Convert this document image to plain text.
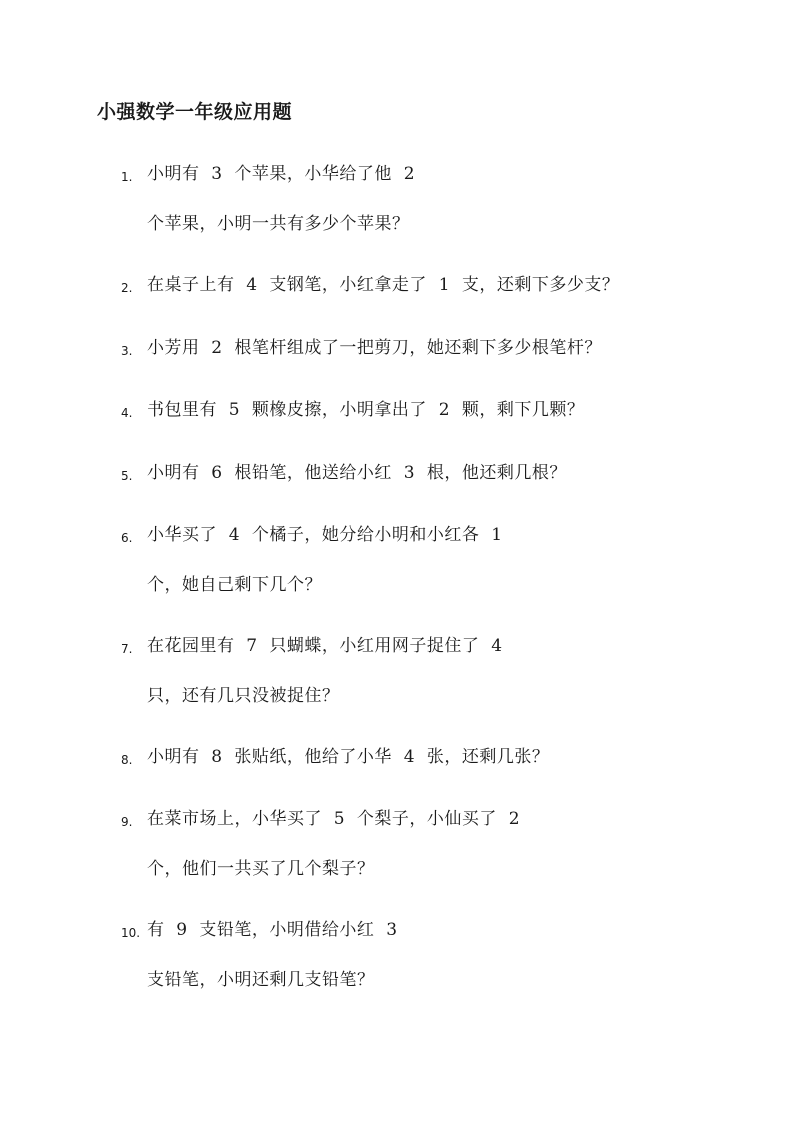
小强数学一年级应用题
1. 小明有  3  个苹果，小华给了他  2
个苹果，小明一共有多少个苹果？
2. 在桌子上有  4  支钢笔，小红拿走了  1  支，还剩下多少支？
3. 小芳用  2  根笔杆组成了一把剪刀，她还剩下多少根笔杆？
4. 书包里有  5  颗橡皮擦，小明拿出了  2  颗，剩下几颗？
5. 小明有  6  根铅笔，他送给小红  3  根，他还剩几根？
6. 小华买了  4  个橘子，她分给小明和小红各  1
个，她自己剩下几个？
7. 在花园里有  7  只蝴蝶，小红用网子捉住了  4
只，还有几只没被捉住？
8. 小明有  8  张贴纸，他给了小华  4  张，还剩几张？
9. 在菜市场上，小华买了  5  个梨子，小仙买了  2
个，他们一共买了几个梨子？
10. 有  9  支铅笔，小明借给小红  3
支铅笔，小明还剩几支铅笔？
